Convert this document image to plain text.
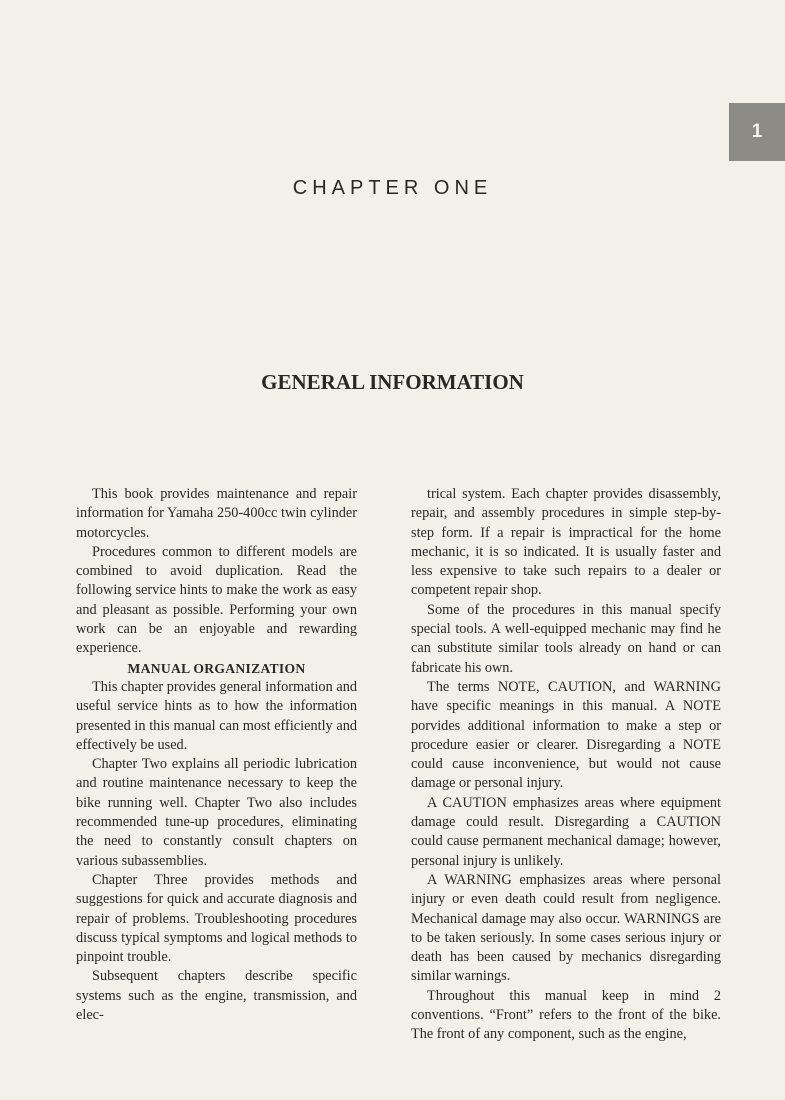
1
CHAPTER ONE
GENERAL INFORMATION

This book provides maintenance and repair information for Yamaha 250-400cc twin cylinder motorcycles.

Procedures common to different models are combined to avoid duplication. Read the following service hints to make the work as easy and pleasant as possible. Performing your own work can be an enjoyable and rewarding experience.

MANUAL ORGANIZATION

This chapter provides general information and useful service hints as to how the information presented in this manual can most efficiently and effectively be used.

Chapter Two explains all periodic lubrication and routine maintenance necessary to keep the bike running well. Chapter Two also includes recommended tune-up procedures, eliminating the need to constantly consult chapters on various subassemblies.

Chapter Three provides methods and suggestions for quick and accurate diagnosis and repair of problems. Troubleshooting procedures discuss typical symptoms and logical methods to pinpoint trouble.

Subsequent chapters describe specific systems such as the engine, transmission, and elec-

trical system. Each chapter provides disassembly, repair, and assembly procedures in simple step-by-step form. If a repair is impractical for the home mechanic, it is so indicated. It is usually faster and less expensive to take such repairs to a dealer or competent repair shop.

Some of the procedures in this manual specify special tools. A well-equipped mechanic may find he can substitute similar tools already on hand or can fabricate his own.

The terms NOTE, CAUTION, and WARNING have specific meanings in this manual. A NOTE porvides additional information to make a step or procedure easier or clearer. Disregarding a NOTE could cause inconvenience, but would not cause damage or personal injury.

A CAUTION emphasizes areas where equipment damage could result. Disregarding a CAUTION could cause permanent mechanical damage; however, personal injury is unlikely.

A WARNING emphasizes areas where personal injury or even death could result from negligence. Mechanical damage may also occur. WARNINGS are to be taken seriously. In some cases serious injury or death has been caused by mechanics disregarding similar warnings.

Throughout this manual keep in mind 2 conventions. “Front” refers to the front of the bike. The front of any component, such as the engine,
